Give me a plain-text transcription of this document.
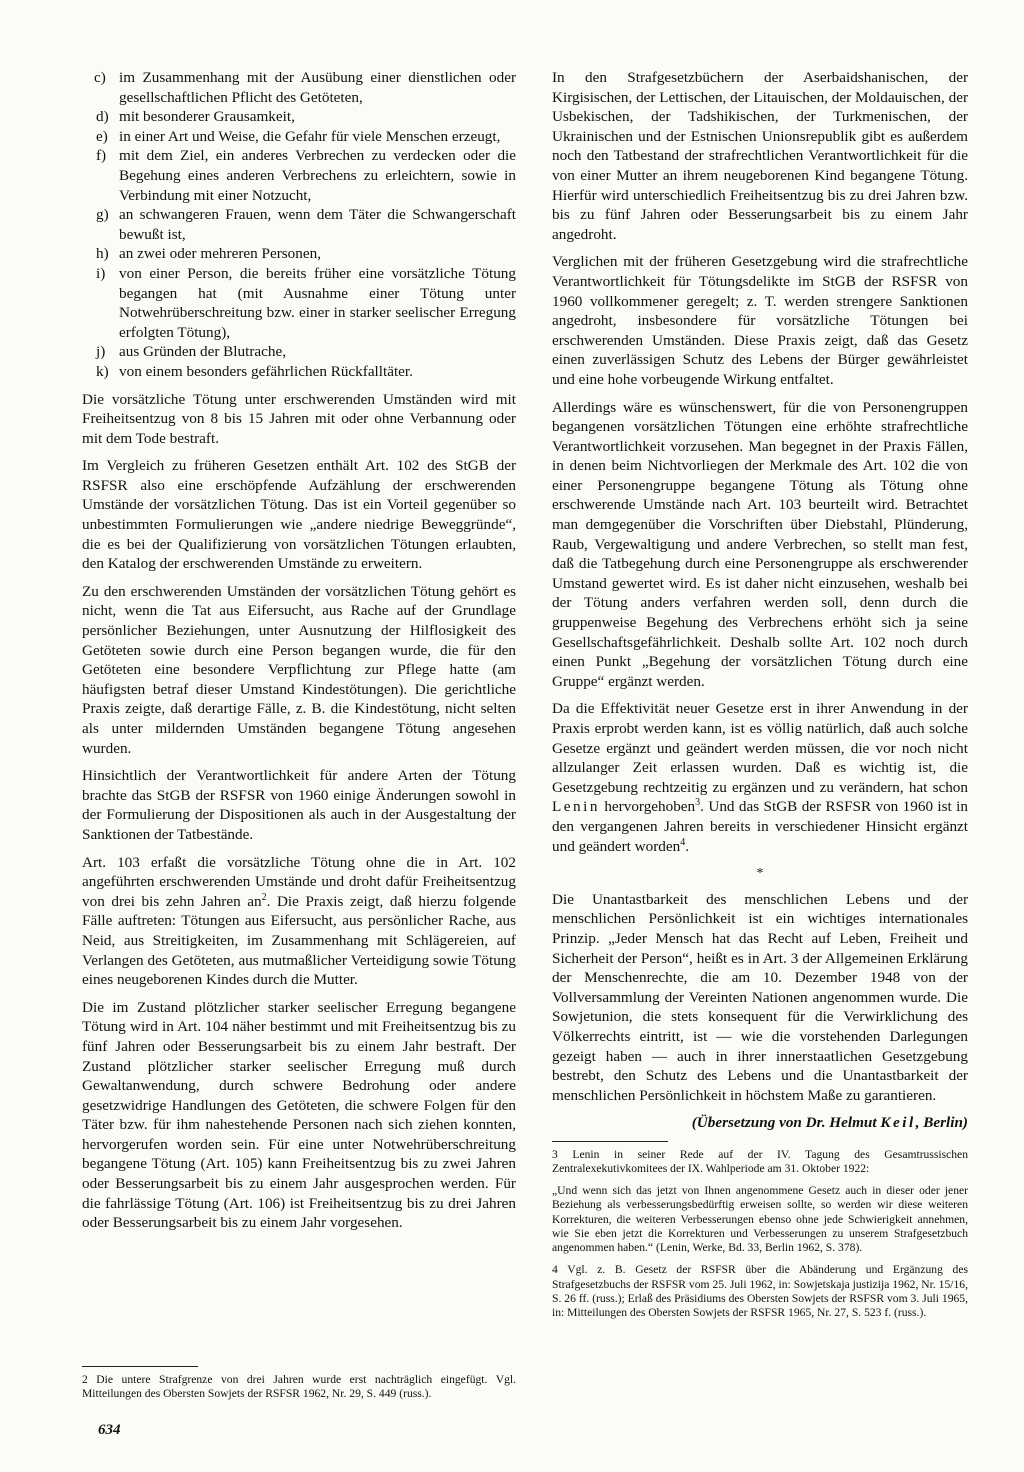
c) im Zusammenhang mit der Ausübung einer dienstlichen oder gesellschaftlichen Pflicht des Getöteten,
d) mit besonderer Grausamkeit,
e) in einer Art und Weise, die Gefahr für viele Menschen erzeugt,
f) mit dem Ziel, ein anderes Verbrechen zu verdecken oder die Begehung eines anderen Verbrechens zu erleichtern, sowie in Verbindung mit einer Notzucht,
g) an schwangeren Frauen, wenn dem Täter die Schwangerschaft bewußt ist,
h) an zwei oder mehreren Personen,
i) von einer Person, die bereits früher eine vorsätzliche Tötung begangen hat (mit Ausnahme einer Tötung unter Notwehrüberschreitung bzw. einer in starker seelischer Erregung erfolgten Tötung),
j) aus Gründen der Blutrache,
k) von einem besonders gefährlichen Rückfalltäter.

Die vorsätzliche Tötung unter erschwerenden Umständen wird mit Freiheitsentzug von 8 bis 15 Jahren mit oder ohne Verbannung oder mit dem Tode bestraft.

Im Vergleich zu früheren Gesetzen enthält Art. 102 des StGB der RSFSR also eine erschöpfende Aufzählung der erschwerenden Umstände der vorsätzlichen Tötung. Das ist ein Vorteil gegenüber so unbestimmten Formulierungen wie „andere niedrige Beweggründe“, die es bei der Qualifizierung von vorsätzlichen Tötungen erlaubten, den Katalog der erschwerenden Umstände zu erweitern.

Zu den erschwerenden Umständen der vorsätzlichen Tötung gehört es nicht, wenn die Tat aus Eifersucht, aus Rache auf der Grundlage persönlicher Beziehungen, unter Ausnutzung der Hilflosigkeit des Getöteten sowie durch eine Person begangen wurde, die für den Getöteten eine besondere Verpflichtung zur Pflege hatte (am häufigsten betraf dieser Umstand Kindestötungen). Die gerichtliche Praxis zeigte, daß derartige Fälle, z. B. die Kindestötung, nicht selten als unter mildernden Umständen begangene Tötung angesehen wurden.

Hinsichtlich der Verantwortlichkeit für andere Arten der Tötung brachte das StGB der RSFSR von 1960 einige Änderungen sowohl in der Formulierung der Dispositionen als auch in der Ausgestaltung der Sanktionen der Tatbestände.

Art. 103 erfaßt die vorsätzliche Tötung ohne die in Art. 102 angeführten erschwerenden Umstände und droht dafür Freiheitsentzug von drei bis zehn Jahren $an^2$. Die Praxis zeigt, daß hierzu folgende Fälle auftreten: Tötungen aus Eifersucht, aus persönlicher Rache, aus Neid, aus Streitigkeiten, im Zusammenhang mit Schlägereien, auf Verlangen des Getöteten, aus mutmaßlicher Verteidigung sowie Tötung eines neugeborenen Kindes durch die Mutter.

Die im Zustand plötzlicher starker seelischer Erregung begangene Tötung wird in Art. 104 näher bestimmt und mit Freiheitsentzug bis zu fünf Jahren oder Besserungsarbeit bis zu einem Jahr bestraft. Der Zustand plötzlicher starker seelischer Erregung muß durch Gewaltanwendung, durch schwere Bedrohung oder andere gesetzwidrige Handlungen des Getöteten, die schwere Folgen für den Täter bzw. für ihm nahestehende Personen nach sich ziehen konnten, hervorgerufen worden sein. Für eine unter Notwehrüberschreitung begangene Tötung (Art. 105) kann Freiheitsentzug bis zu zwei Jahren oder Besserungsarbeit bis zu einem Jahr ausgesprochen werden. Für die fahrlässige Tötung (Art. 106) ist Freiheitsentzug bis zu drei Jahren oder Besserungsarbeit bis zu einem Jahr vorgesehen.

2 Die untere Strafgrenze von drei Jahren wurde erst nachträglich eingefügt. Vgl. Mitteilungen des Obersten Sowjets der RSFSR 1962, Nr. 29, S. 449 (russ.).

In den Strafgesetzbüchern der Aserbaidshanischen, der Kirgisischen, der Lettischen, der Litauischen, der Moldauischen, der Usbekischen, der Tadshikischen, der Turkmenischen, der Ukrainischen und der Estnischen Unionsrepublik gibt es außerdem noch den Tatbestand der strafrechtlichen Verantwortlichkeit für die von einer Mutter an ihrem neugeborenen Kind begangene Tötung. Hierfür wird unterschiedlich Freiheitsentzug bis zu drei Jahren bzw. bis zu fünf Jahren oder Besserungsarbeit bis zu einem Jahr angedroht.

Verglichen mit der früheren Gesetzgebung wird die strafrechtliche Verantwortlichkeit für Tötungsdelikte im StGB der RSFSR von 1960 vollkommener geregelt; z. T. werden strengere Sanktionen angedroht, insbesondere für vorsätzliche Tötungen bei erschwerenden Umständen. Diese Praxis zeigt, daß das Gesetz einen zuverlässigen Schutz des Lebens der Bürger gewährleistet und eine hohe vorbeugende Wirkung entfaltet.

Allerdings wäre es wünschenswert, für die von Personengruppen begangenen vorsätzlichen Tötungen eine erhöhte strafrechtliche Verantwortlichkeit vorzusehen. Man begegnet in der Praxis Fällen, in denen beim Nichtvorliegen der Merkmale des Art. 102 die von einer Personengruppe begangene Tötung als Tötung ohne erschwerende Umstände nach Art. 103 beurteilt wird. Betrachtet man demgegenüber die Vorschriften über Diebstahl, Plünderung, Raub, Vergewaltigung und andere Verbrechen, so stellt man fest, daß die Tatbegehung durch eine Personengruppe als erschwerender Umstand gewertet wird. Es ist daher nicht einzusehen, weshalb bei der Tötung anders verfahren werden soll, denn durch die gruppenweise Begehung des Verbrechens erhöht sich ja seine Gesellschaftsgefährlichkeit. Deshalb sollte Art. 102 noch durch einen Punkt „Begehung der vorsätzlichen Tötung durch eine Gruppe“ ergänzt werden.

Da die Effektivität neuer Gesetze erst in ihrer Anwendung in der Praxis erprobt werden kann, ist es völlig natürlich, daß auch solche Gesetze ergänzt und geändert werden müssen, die vor noch nicht allzulanger Zeit erlassen wurden. Daß es wichtig ist, die Gesetzgebung rechtzeitig zu ergänzen und zu verändern, hat schon Lenin hervorgehoben$^3$. Und das StGB der RSFSR von 1960 ist in den vergangenen Jahren bereits in verschiedener Hinsicht ergänzt und geändert worden$^4$.

*

Die Unantastbarkeit des menschlichen Lebens und der menschlichen Persönlichkeit ist ein wichtiges internationales Prinzip. „Jeder Mensch hat das Recht auf Leben, Freiheit und Sicherheit der Person“, heißt es in Art. 3 der Allgemeinen Erklärung der Menschenrechte, die am 10. Dezember 1948 von der Vollversammlung der Vereinten Nationen angenommen wurde. Die Sowjetunion, die stets konsequent für die Verwirklichung des Völkerrechts eintritt, ist — wie die vorstehenden Darlegungen gezeigt haben — auch in ihrer innerstaatlichen Gesetzgebung bestrebt, den Schutz des Lebens und die Unantastbarkeit der menschlichen Persönlichkeit in höchstem Maße zu garantieren.

(Übersetzung von Dr. Helmut Keil, Berlin)

3 Lenin in seiner Rede auf der IV. Tagung des Gesamtrussischen Zentralexekutivkomitees der IX. Wahlperiode am 31. Oktober 1922:

„Und wenn sich das jetzt von Ihnen angenommene Gesetz auch in dieser oder jener Beziehung als verbesserungsbedürftig erweisen sollte, so werden wir diese weiteren Korrekturen, die weiteren Verbesserungen ebenso ohne jede Schwierigkeit annehmen, wie Sie eben jetzt die Korrekturen und Verbesserungen zu unserem Strafgesetzbuch angenommen haben.“ (Lenin, Werke, Bd. 33, Berlin 1962, S. 378).

4 Vgl. z. B. Gesetz der RSFSR über die Abänderung und Ergänzung des Strafgesetzbuchs der RSFSR vom 25. Juli 1962, in: Sowjetskaja justizija 1962, Nr. 15/16, S. 26 ff. (russ.); Erlaß des Präsidiums des Obersten Sowjets der RSFSR vom 3. Juli 1965, in: Mitteilungen des Obersten Sowjets der RSFSR 1965, Nr. 27, S. 523 f. (russ.).

634
